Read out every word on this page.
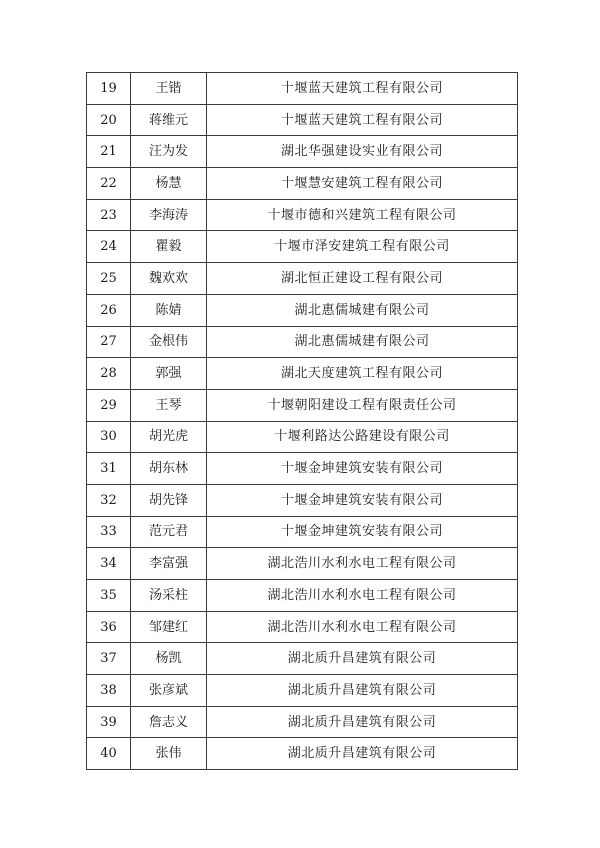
19	王锴	十堰蓝天建筑工程有限公司
20	蒋维元	十堰蓝天建筑工程有限公司
21	汪为发	湖北华强建设实业有限公司
22	杨慧	十堰慧安建筑工程有限公司
23	李海涛	十堰市德和兴建筑工程有限公司
24	瞿毅	十堰市泽安建筑工程有限公司
25	魏欢欢	湖北恒正建设工程有限公司
26	陈婧	湖北惠儒城建有限公司
27	金根伟	湖北惠儒城建有限公司
28	郭强	湖北天度建筑工程有限公司
29	王琴	十堰朝阳建设工程有限责任公司
30	胡光虎	十堰利路达公路建设有限公司
31	胡东林	十堰金坤建筑安装有限公司
32	胡先锋	十堰金坤建筑安装有限公司
33	范元君	十堰金坤建筑安装有限公司
34	李富强	湖北浩川水利水电工程有限公司
35	汤采柱	湖北浩川水利水电工程有限公司
36	邹建红	湖北浩川水利水电工程有限公司
37	杨凯	湖北质升昌建筑有限公司
38	张彦斌	湖北质升昌建筑有限公司
39	詹志义	湖北质升昌建筑有限公司
40	张伟	湖北质升昌建筑有限公司
